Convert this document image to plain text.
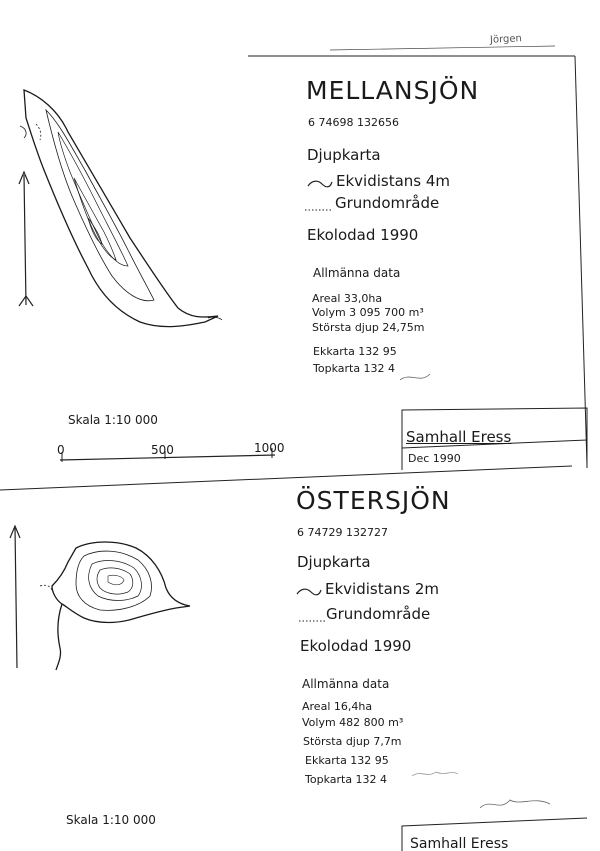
Jörgen
MELLANSJÖN
6 74698 132656
Djupkarta
Ekvidistans 4m
Grundområde
Ekolodad 1990
Allmänna data
Areal 33,0ha
Volym 3 095 700 m³
Största djup 24,75m
Ekkarta 132 95
Topkarta 132 4
Skala 1:10 000
0	500	1000
Samhall Eress
Dec 1990
ÖSTERSJÖN
6 74729 132727
Djupkarta
Ekvidistans 2m
Grundområde
Ekolodad 1990
Allmänna data
Areal 16,4ha
Volym 482 800 m³
Största djup 7,7m
Ekkarta 132 95
Topkarta 132 4
Skala 1:10 000
Samhall Eress
